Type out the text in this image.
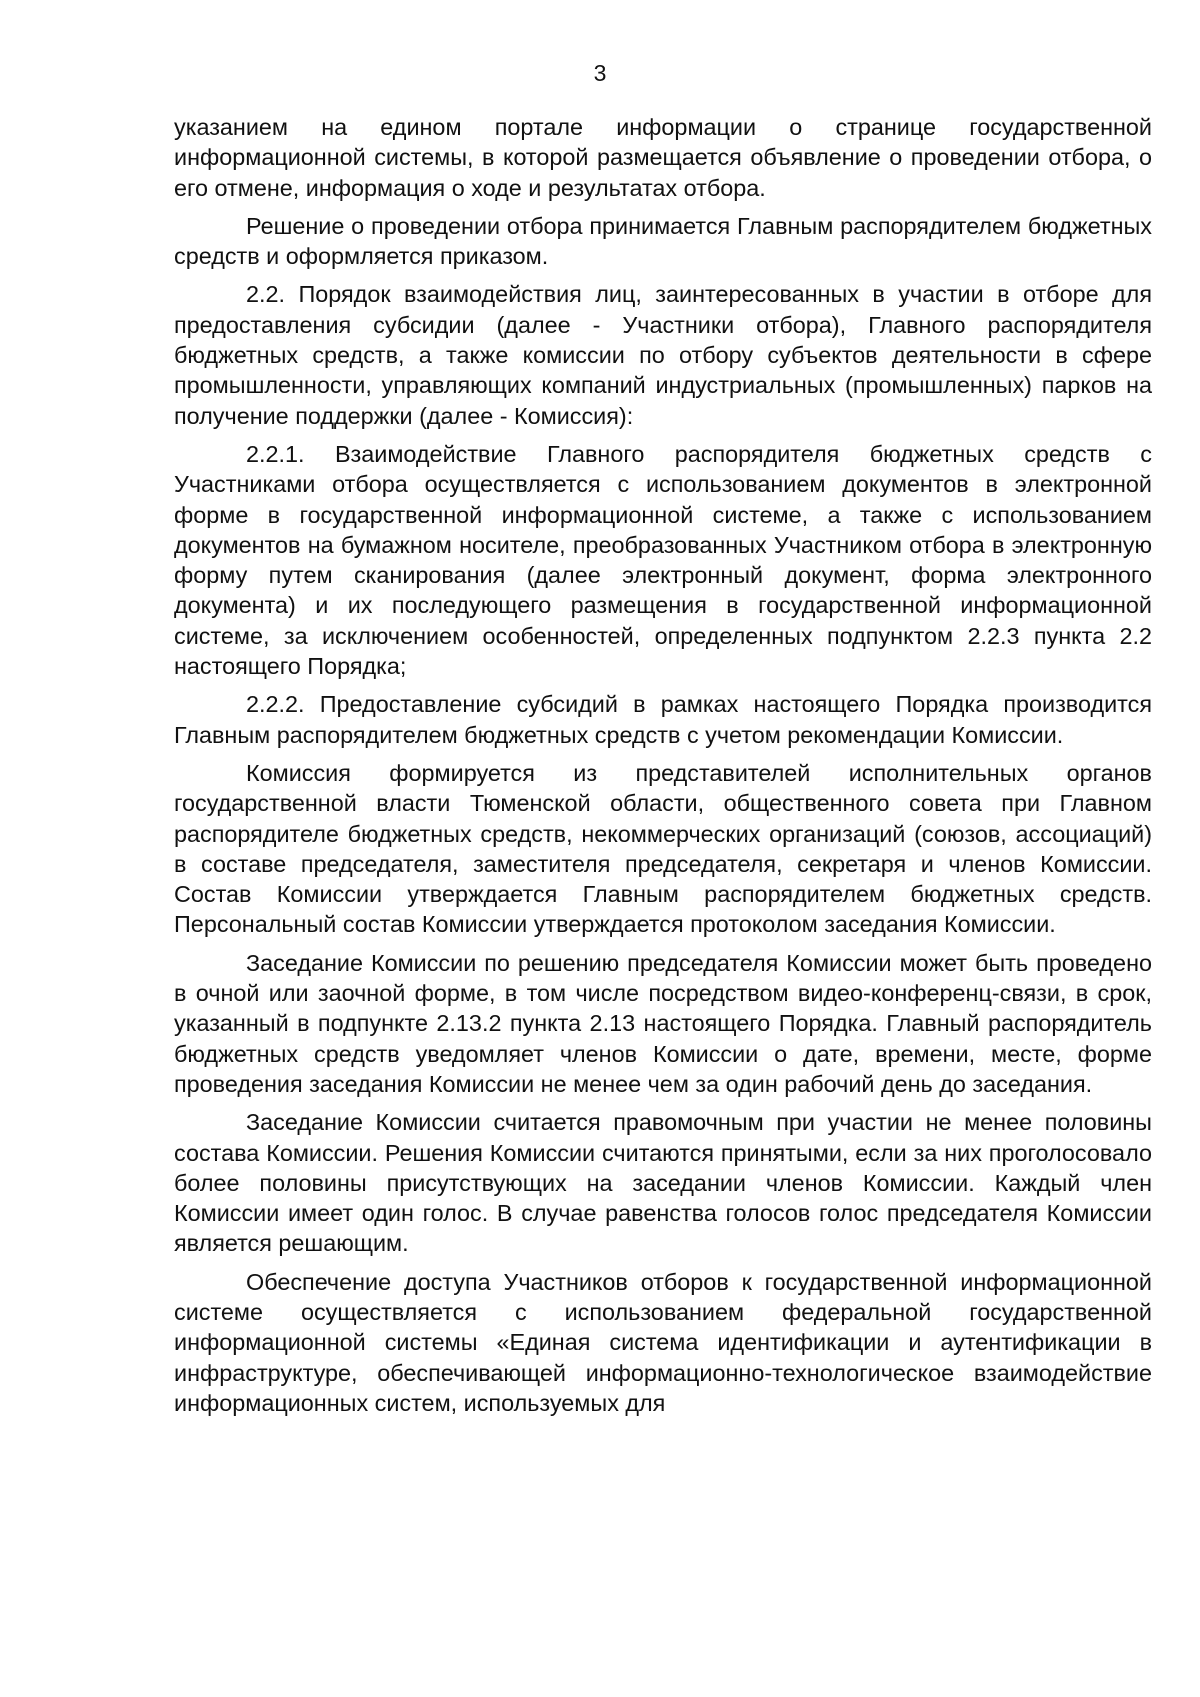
3

указанием на едином портале информации о странице государственной информационной системы, в которой размещается объявление о проведении отбора, о его отмене, информация о ходе и результатах отбора.

Решение о проведении отбора принимается Главным распорядителем бюджетных средств и оформляется приказом.

2.2. Порядок взаимодействия лиц, заинтересованных в участии в отборе для предоставления субсидии (далее - Участники отбора), Главного распорядителя бюджетных средств, а также комиссии по отбору субъектов деятельности в сфере промышленности, управляющих компаний индустриальных (промышленных) парков на получение поддержки (далее - Комиссия):

2.2.1. Взаимодействие Главного распорядителя бюджетных средств с Участниками отбора осуществляется с использованием документов в электронной форме в государственной информационной системе, а также с использованием документов на бумажном носителе, преобразованных Участником отбора в электронную форму путем сканирования (далее электронный документ, форма электронного документа) и их последующего размещения в государственной информационной системе, за исключением особенностей, определенных подпунктом 2.2.3 пункта 2.2 настоящего Порядка;

2.2.2. Предоставление субсидий в рамках настоящего Порядка производится Главным распорядителем бюджетных средств с учетом рекомендации Комиссии.

Комиссия формируется из представителей исполнительных органов государственной власти Тюменской области, общественного совета при Главном распорядителе бюджетных средств, некоммерческих организаций (союзов, ассоциаций) в составе председателя, заместителя председателя, секретаря и членов Комиссии. Состав Комиссии утверждается Главным распорядителем бюджетных средств. Персональный состав Комиссии утверждается протоколом заседания Комиссии.

Заседание Комиссии по решению председателя Комиссии может быть проведено в очной или заочной форме, в том числе посредством видео-конференц-связи, в срок, указанный в подпункте 2.13.2 пункта 2.13 настоящего Порядка. Главный распорядитель бюджетных средств уведомляет членов Комиссии о дате, времени, месте, форме проведения заседания Комиссии не менее чем за один рабочий день до заседания.

Заседание Комиссии считается правомочным при участии не менее половины состава Комиссии. Решения Комиссии считаются принятыми, если за них проголосовало более половины присутствующих на заседании членов Комиссии. Каждый член Комиссии имеет один голос. В случае равенства голосов голос председателя Комиссии является решающим.

Обеспечение доступа Участников отборов к государственной информационной системе осуществляется с использованием федеральной государственной информационной системы «Единая система идентификации и аутентификации в инфраструктуре, обеспечивающей информационно-технологическое взаимодействие информационных систем, используемых для
